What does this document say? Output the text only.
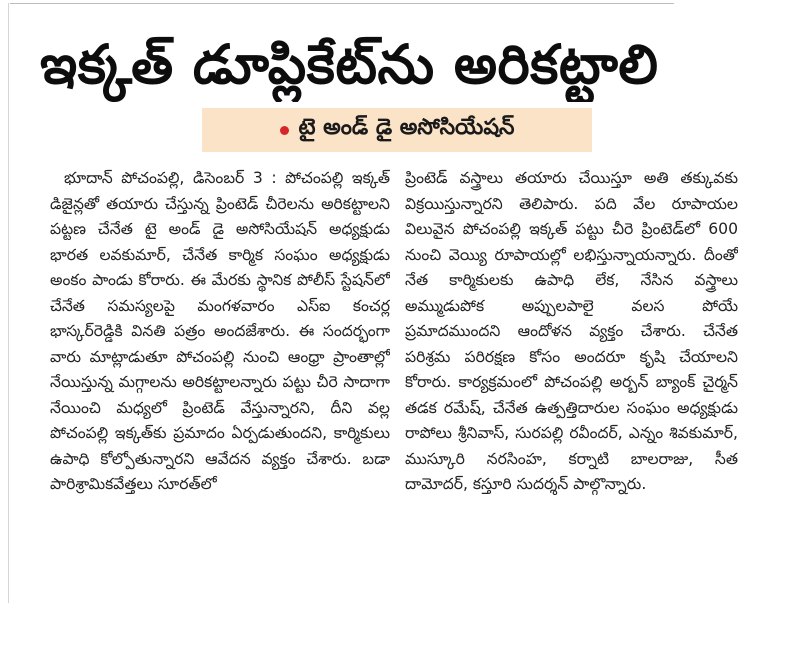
ఇక్కత్ డూప్లికేట్‌ను అరికట్టాలి
టై అండ్ డై అసోసియేషన్

భూదాన్ పోచంపల్లి, డిసెంబర్ 3 : పోచంపల్లి ఇక్కత్ డిజైన్లతో తయారు చేస్తున్న ప్రింటెడ్ చీరెలను అరికట్టాలని పట్టణ చేనేత టై అండ్ డై అసోసియేషన్ అధ్యక్షుడు భారత లవకుమార్, చేనేత కార్మిక సంఘం అధ్యక్షుడు అంకం పాండు కోరారు. ఈ మేరకు స్థానిక పోలీస్ స్టేషన్‌లో చేనేత సమస్యలపై మంగళవారం ఎస్ఐ కంచర్ల భాస్కర్‌రెడ్డికి వినతి పత్రం అందజేశారు. ఈ సందర్భంగా వారు మాట్లాడుతూ పోచంపల్లి నుంచి ఆంధ్రా ప్రాంతాల్లో నేయిస్తున్న మగ్గాలను అరికట్టాలన్నారు పట్టు చీరె సాదాగా నేయించి మధ్యలో ప్రింటెడ్ వేస్తున్నారని, దీని వల్ల పోచంపల్లి ఇక్కత్‌కు ప్రమాదం ఏర్పడుతుందని, కార్మికులు ఉపాధి కోల్పోతున్నారని ఆవేదన వ్యక్తం చేశారు. బడా పారిశ్రామికవేత్తలు సూరత్‌లో

ప్రింటెడ్ వస్త్రాలు తయారు చేయిస్తూ అతి తక్కువకు విక్రయిస్తున్నారని తెలిపారు. పది వేల రూపాయల విలువైన పోచంపల్లి ఇక్కత్ పట్టు చీరె ప్రింటెడ్‌లో 600 నుంచి వెయ్యి రూపాయల్లో లభిస్తున్నాయన్నారు. దీంతో నేత కార్మికులకు ఉపాధి లేక, నేసిన వస్త్రాలు అమ్ముడుపోక అప్పులపాలై వలస పోయే ప్రమాదముందని ఆందోళన వ్యక్తం చేశారు. చేనేత పరిశ్రమ పరిరక్షణ కోసం అందరూ కృషి చేయాలని కోరారు. కార్యక్రమంలో పోచంపల్లి అర్బన్ బ్యాంక్ చైర్మన్ తడక రమేష్, చేనేత ఉత్పత్తిదారుల సంఘం అధ్యక్షుడు రాపోలు శ్రీనివాస్, సురపల్లి రవీందర్, ఎన్నం శివకుమార్, ముస్కూరి నరసింహ, కర్నాటి బాలరాజు, సీత దామోదర్, కస్తూరి సుదర్శన్ పాల్గొన్నారు.
